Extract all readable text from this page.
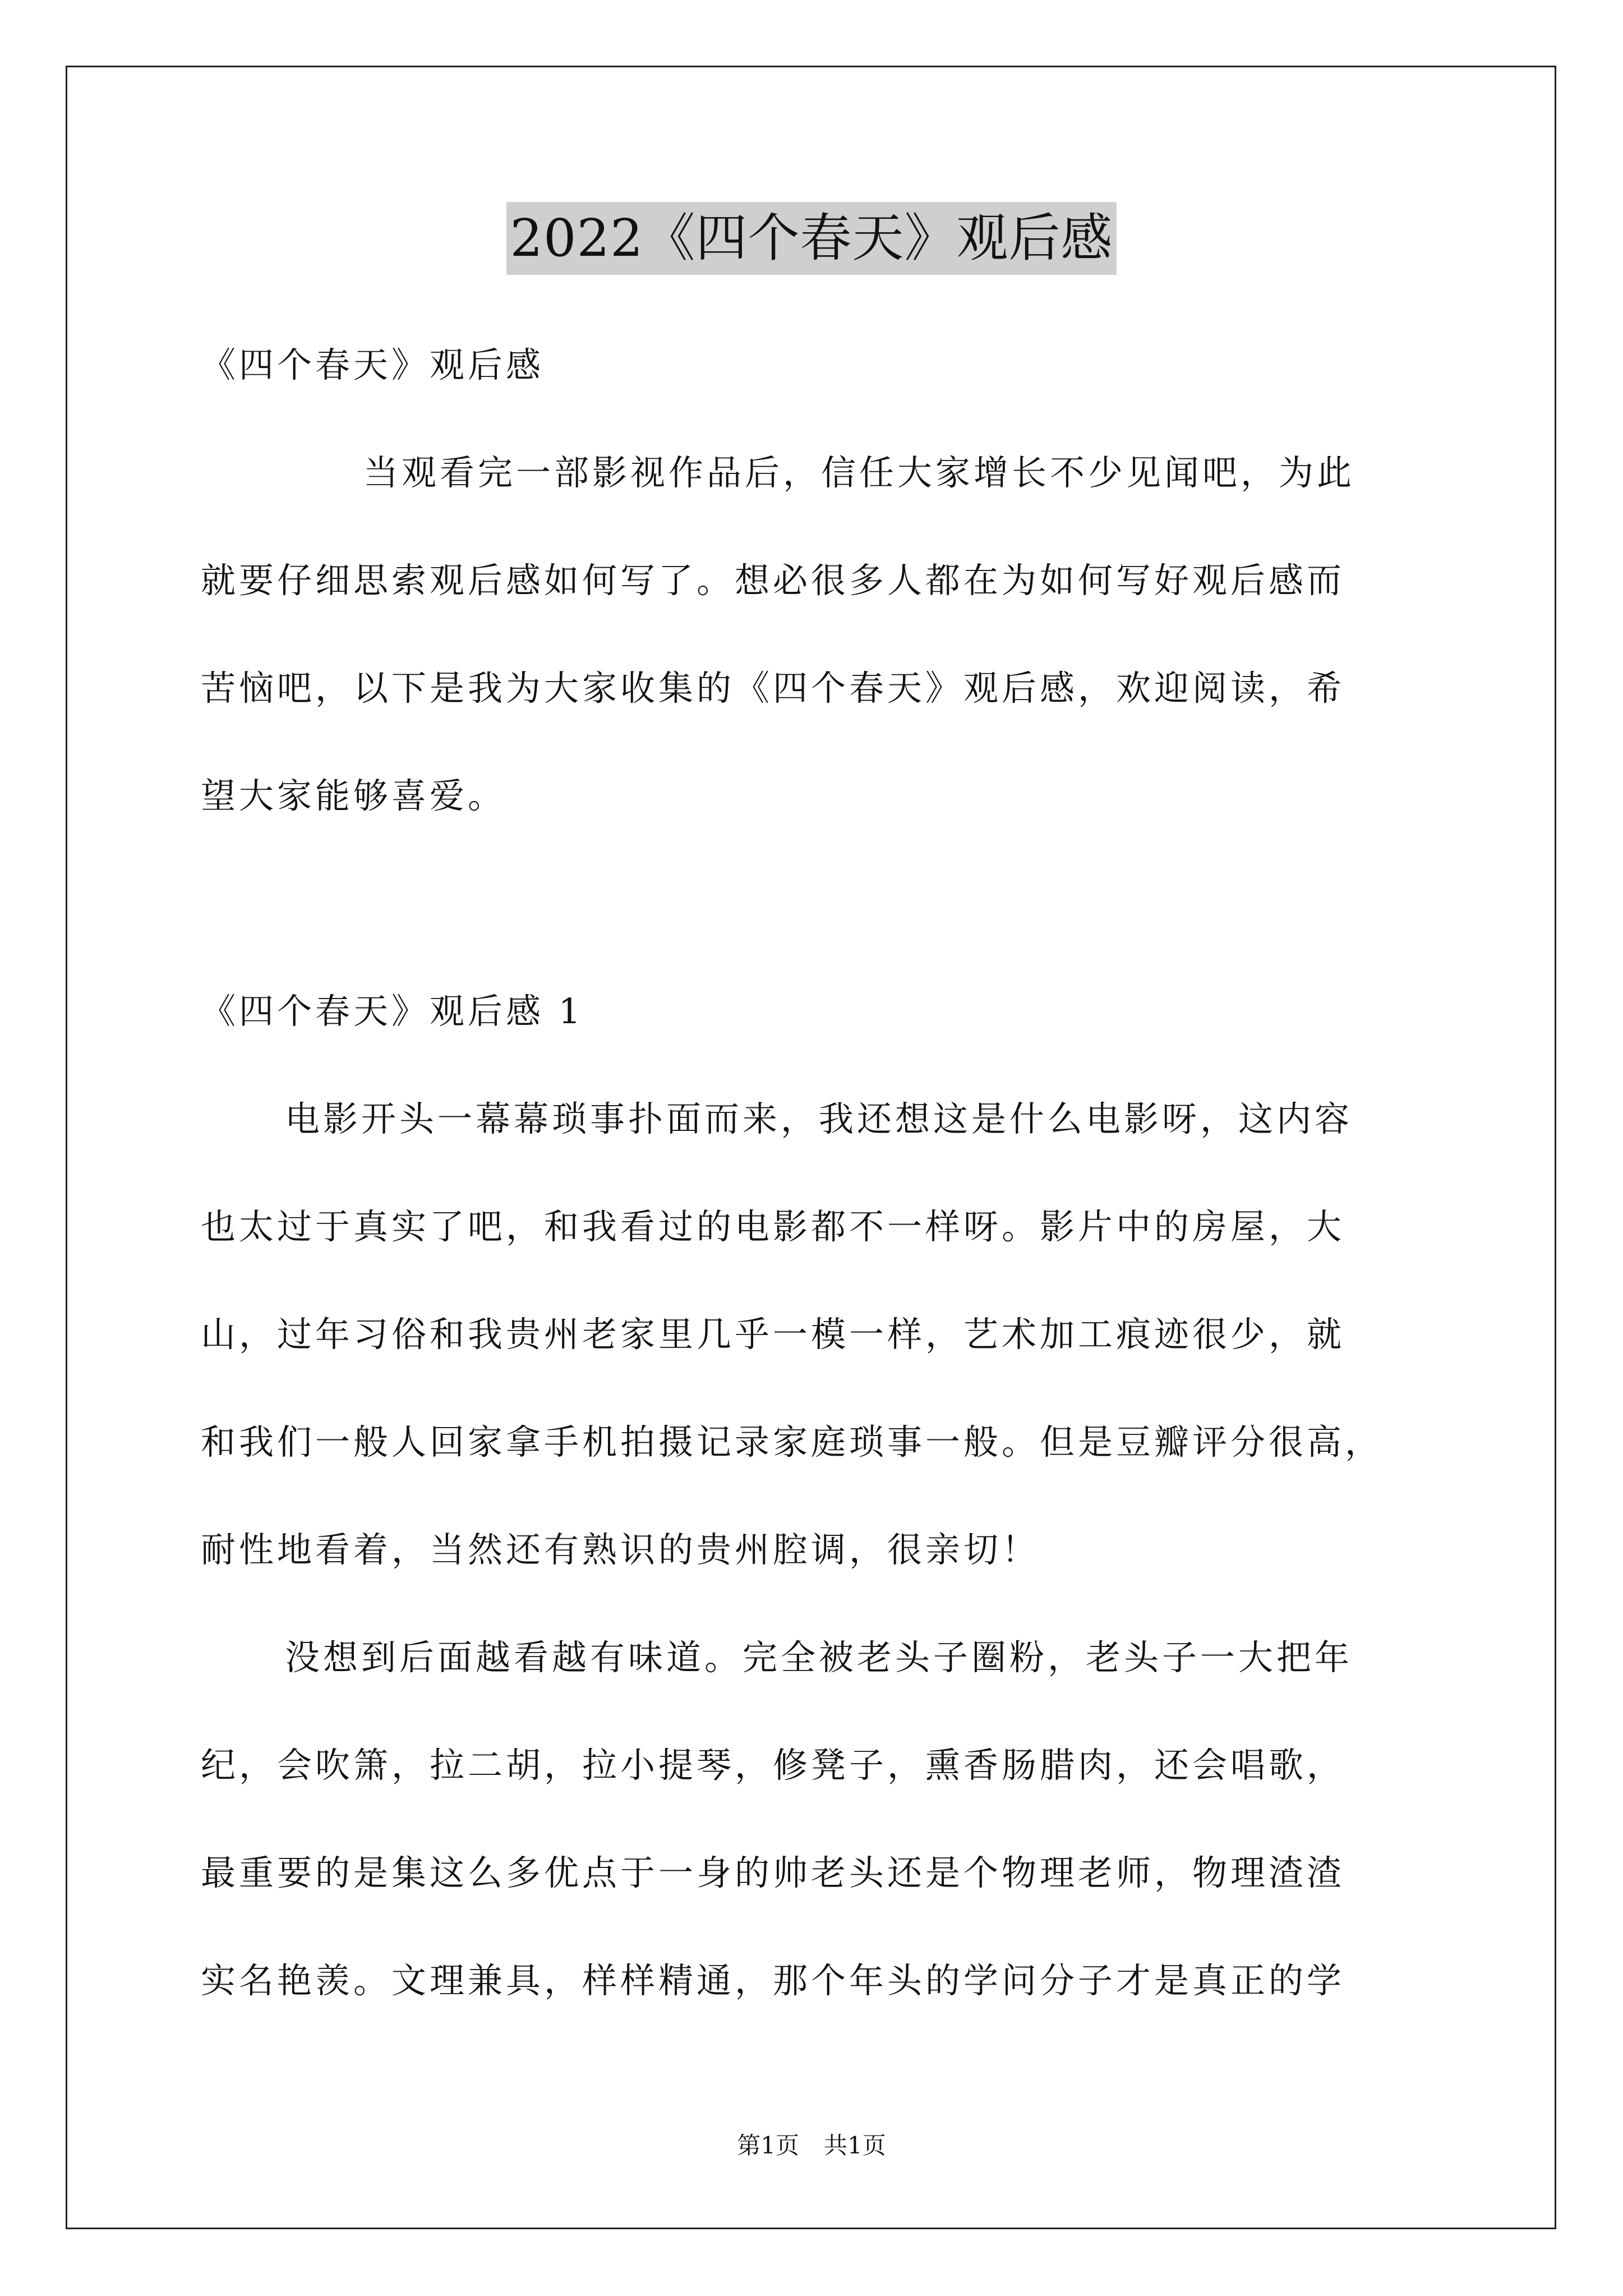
2022《四个春天》观后感
《四个春天》观后感
当观看完一部影视作品后，信任大家增长不少见闻吧，为此
就要仔细思索观后感如何写了。想必很多人都在为如何写好观后感而
苦恼吧，以下是我为大家收集的《四个春天》观后感，欢迎阅读，希
望大家能够喜爱。
《四个春天》观后感 1
电影开头一幕幕琐事扑面而来，我还想这是什么电影呀，这内容
也太过于真实了吧，和我看过的电影都不一样呀。影片中的房屋，大
山，过年习俗和我贵州老家里几乎一模一样，艺术加工痕迹很少，就
和我们一般人回家拿手机拍摄记录家庭琐事一般。但是豆瓣评分很高，
耐性地看着，当然还有熟识的贵州腔调，很亲切！
没想到后面越看越有味道。完全被老头子圈粉，老头子一大把年
纪，会吹箫，拉二胡，拉小提琴，修凳子，熏香肠腊肉，还会唱歌，
最重要的是集这么多优点于一身的帅老头还是个物理老师，物理渣渣
实名艳羡。文理兼具，样样精通，那个年头的学问分子才是真正的学
第1页 共1页
